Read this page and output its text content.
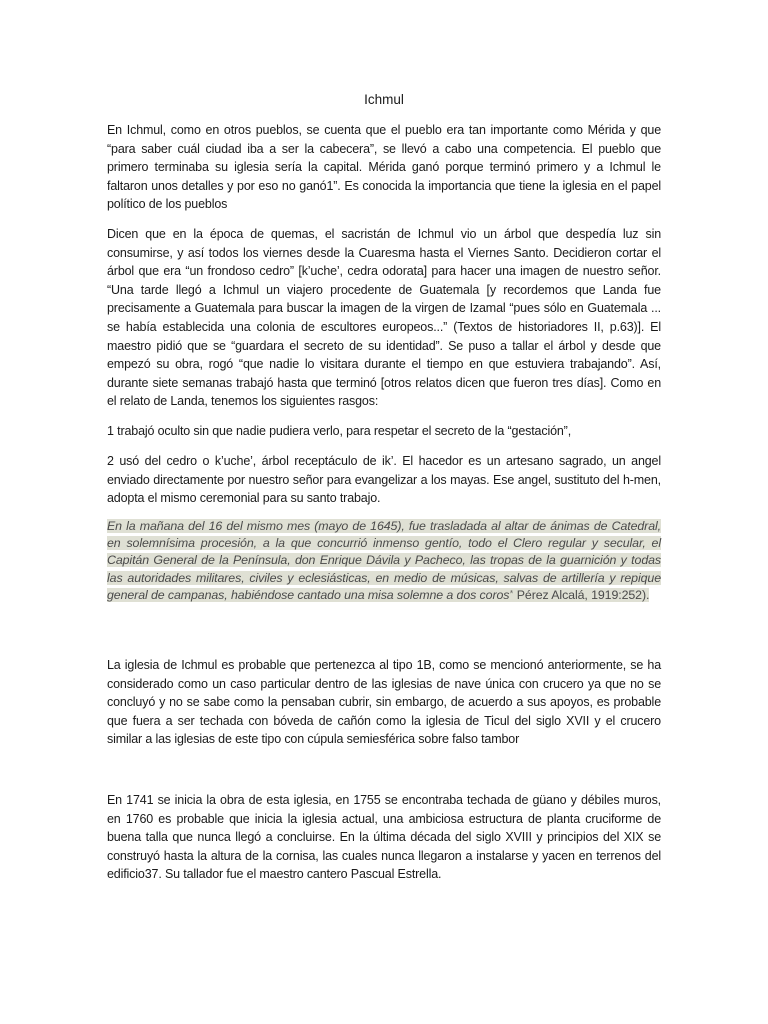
Ichmul
En Ichmul, como en otros pueblos, se cuenta que el pueblo era tan importante como Mérida y que “para saber cuál ciudad iba a ser la cabecera”, se llevó a cabo una competencia. El pueblo que primero terminaba su iglesia sería la capital. Mérida ganó porque terminó primero y a Ichmul le faltaron unos detalles y por eso no ganó1”. Es conocida la importancia que tiene la iglesia en el papel político de los pueblos
Dicen que en la época de quemas, el sacristán de Ichmul vio un árbol que despedía luz sin consumirse, y así todos los viernes desde la Cuaresma hasta el Viernes Santo. Decidieron cortar el árbol que era “un frondoso cedro” [k’uche’, cedra odorata] para hacer una imagen de nuestro señor. “Una tarde llegó a Ichmul un viajero procedente de Guatemala [y recordemos que Landa fue precisamente a Guatemala para buscar la imagen de la virgen de Izamal “pues sólo en Guatemala ... se había establecida una colonia de escultores europeos...” (Textos de historiadores II, p.63)]. El maestro pidió que se “guardara el secreto de su identidad”. Se puso a tallar el árbol y desde que empezó su obra, rogó “que nadie lo visitara durante el tiempo en que estuviera trabajando”. Así, durante siete semanas trabajó hasta que terminó [otros relatos dicen que fueron tres días]. Como en el relato de Landa, tenemos los siguientes rasgos:
1 trabajó oculto sin que nadie pudiera verlo, para respetar el secreto de la “gestación”,
2 usó del cedro o k’uche’, árbol receptáculo de ik’. El hacedor es un artesano sagrado, un angel enviado directamente por nuestro señor para evangelizar a los mayas. Ese angel, sustituto del h-men, adopta el mismo ceremonial para su santo trabajo.
En la mañana del 16 del mismo mes (mayo de 1645), fue trasladada al altar de ánimas de Catedral, en solemnísima procesión, a la que concurrió inmenso gentío, todo el Clero regular y secular, el Capitán General de la Península, don Enrique Dávila y Pacheco, las tropas de la guarnición y todas las autoridades militares, civiles y eclesiásticas, en medio de músicas, salvas de artillería y repique general de campanas, habiéndose cantado una misa solemne a dos coros” Pérez Alcalá, 1919:252).
La iglesia de Ichmul es probable que pertenezca al tipo 1B, como se mencionó anteriormente, se ha considerado como un caso particular dentro de las iglesias de nave única con crucero ya que no se concluyó y no se sabe como la pensaban cubrir, sin embargo, de acuerdo a sus apoyos, es probable que fuera a ser techada con bóveda de cañón como la iglesia de Ticul del siglo XVII y el crucero similar a las iglesias de este tipo con cúpula semiesférica sobre falso tambor
En 1741 se inicia la obra de esta iglesia, en 1755 se encontraba techada de güano y débiles muros, en 1760 es probable que inicia la iglesia actual, una ambiciosa estructura de planta cruciforme de buena talla que nunca llegó a concluirse. En la última década del siglo XVIII y principios del XIX se construyó hasta la altura de la cornisa, las cuales nunca llegaron a instalarse y yacen en terrenos del edificio37. Su tallador fue el maestro cantero Pascual Estrella.
